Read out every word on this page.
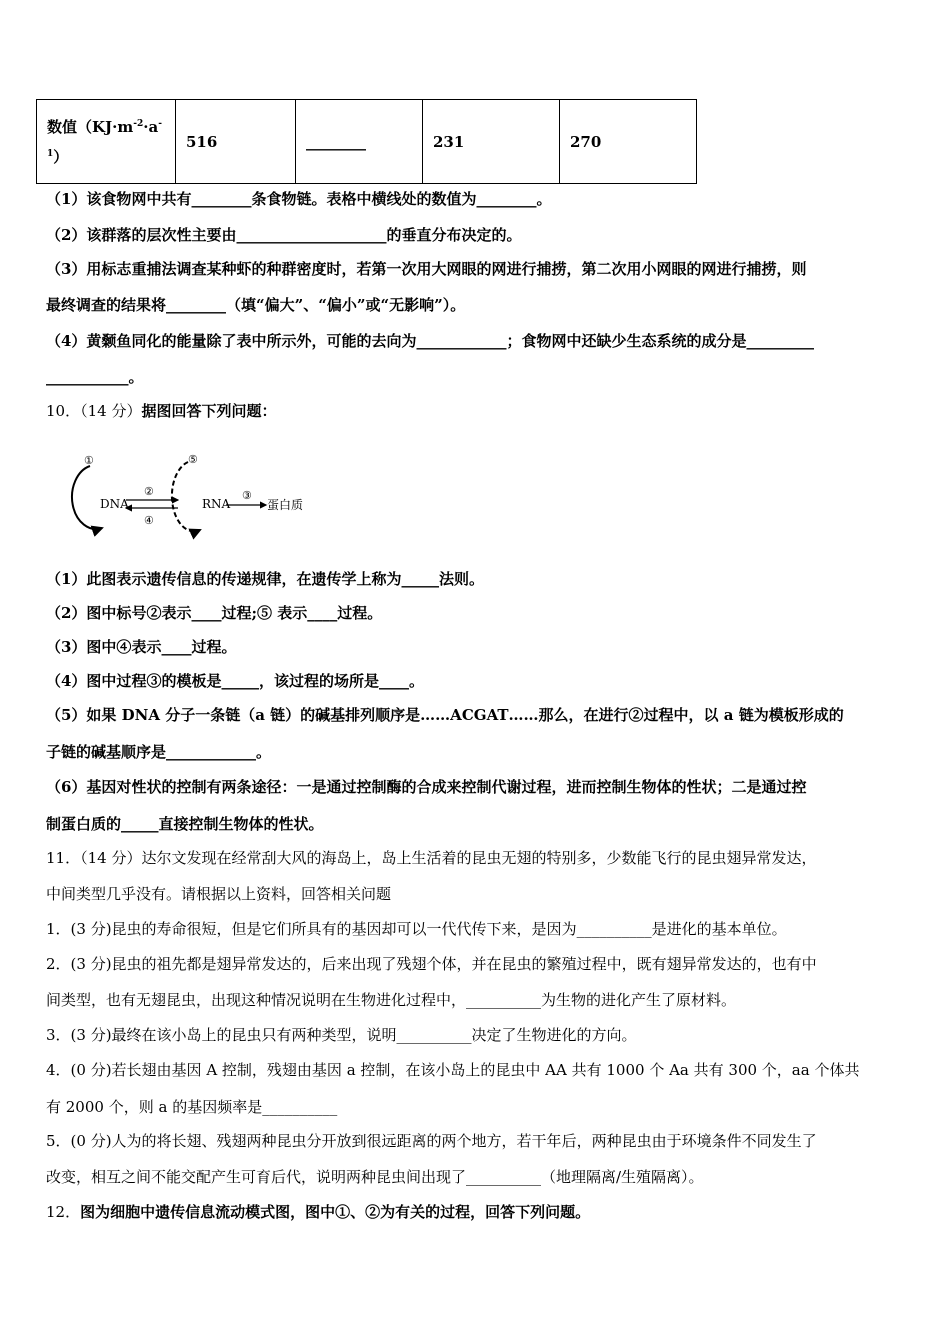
数值$(KJ\cdot m^{-2}\cdot a^{-1})$	516	________	231	270
（1）该食物网中共有________条食物链。表格中横线处的数值为________。
（2）该群落的层次性主要由____________________的垂直分布决定的。
（3）用标志重捕法调查某种虾的种群密度时，若第一次用大网眼的网进行捕捞，第二次用小网眼的网进行捕捞，则
最终调查的结果将________（填“偏大”、“偏小”或“无影响”）。
（4）黄颡鱼同化的能量除了表中所示外，可能的去向为____________；食物网中还缺少生态系统的成分是_________
___________。
10．（14 分）据图回答下列问题：
①
②
④
⑤
③
DNA	RNA	蛋白质
（1）此图表示遗传信息的传递规律，在遗传学上称为_____法则。
（2）图中标号②表示____过程;⑤ 表示____过程。
（3）图中④表示____过程。
（4）图中过程③的模板是_____，该过程的场所是____。
（5）如果 DNA 分子一条链（a 链）的碱基排列顺序是……ACGAT……那么，在进行②过程中，以 a 链为模板形成的
子链的碱基顺序是____________。
（6）基因对性状的控制有两条途径：一是通过控制酶的合成来控制代谢过程，进而控制生物体的性状；二是通过控
制蛋白质的_____直接控制生物体的性状。
11．（14 分）达尔文发现在经常刮大风的海岛上，岛上生活着的昆虫无翅的特别多，少数能飞行的昆虫翅异常发达，
中间类型几乎没有。请根据以上资料，回答相关问题
1．(3 分)昆虫的寿命很短，但是它们所具有的基因却可以一代代传下来，是因为__________是进化的基本单位。
2．(3 分)昆虫的祖先都是翅异常发达的，后来出现了残翅个体，并在昆虫的繁殖过程中，既有翅异常发达的，也有中
间类型，也有无翅昆虫，出现这种情况说明在生物进化过程中，__________为生物的进化产生了原材料。
3．(3 分)最终在该小岛上的昆虫只有两种类型，说明__________决定了生物进化的方向。
4．(0 分)若长翅由基因 A 控制，残翅由基因 a 控制，在该小岛上的昆虫中 AA 共有 1000 个 Aa 共有 300 个，aa 个体共
有 2000 个，则 a 的基因频率是__________
5．(0 分)人为的将长翅、残翅两种昆虫分开放到很远距离的两个地方，若干年后，两种昆虫由于环境条件不同发生了
改变，相互之间不能交配产生可育后代，说明两种昆虫间出现了__________（地理隔离/生殖隔离）。
12．图为细胞中遗传信息流动模式图，图中①、②为有关的过程，回答下列问题。
